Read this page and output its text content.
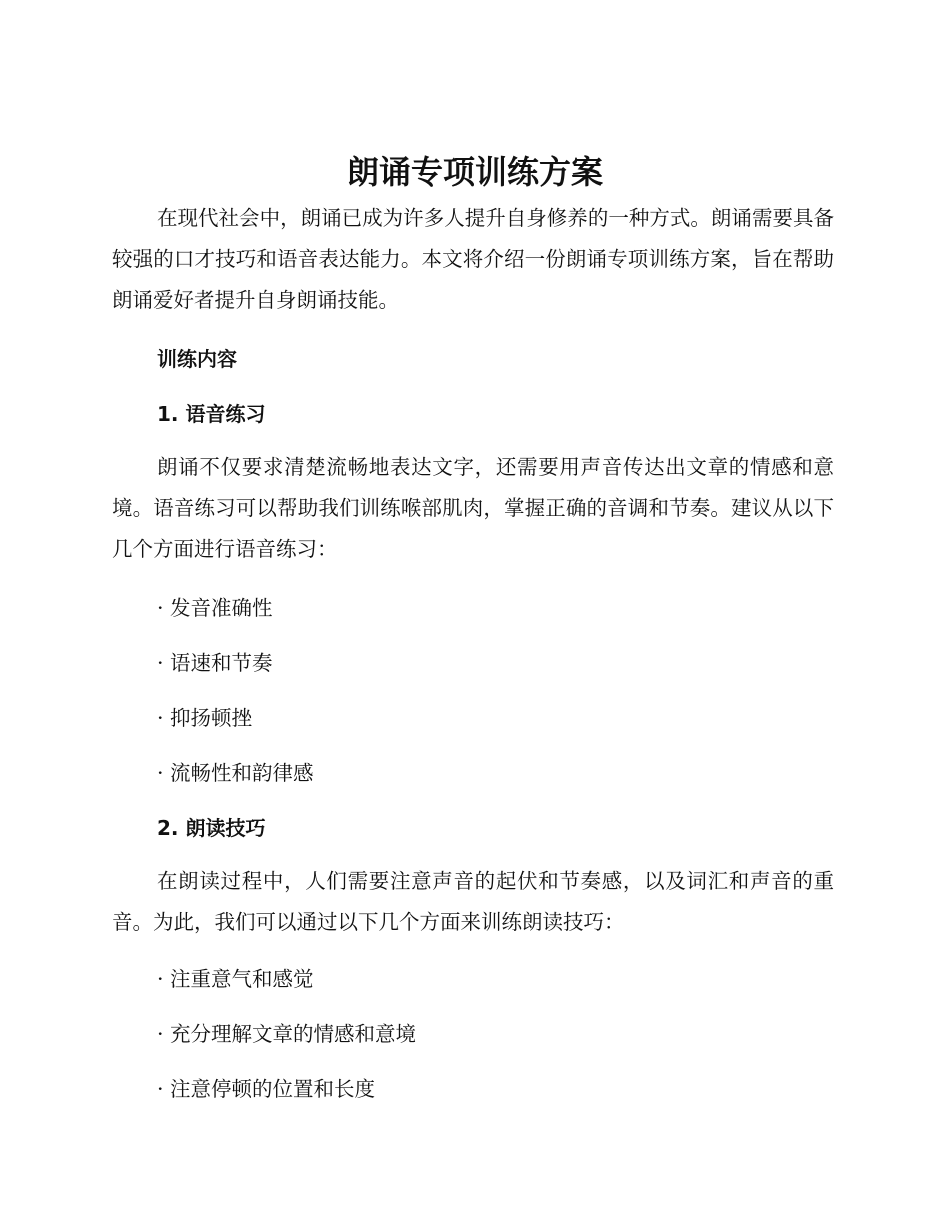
朗诵专项训练方案

在现代社会中，朗诵已成为许多人提升自身修养的一种方式。朗诵需要具备较强的口才技巧和语音表达能力。本文将介绍一份朗诵专项训练方案，旨在帮助朗诵爱好者提升自身朗诵技能。

训练内容
1. 语音练习

朗诵不仅要求清楚流畅地表达文字，还需要用声音传达出文章的情感和意境。语音练习可以帮助我们训练喉部肌肉，掌握正确的音调和节奏。建议从以下几个方面进行语音练习：

· 发音准确性

· 语速和节奏

· 抑扬顿挫

· 流畅性和韵律感

2. 朗读技巧

在朗读过程中，人们需要注意声音的起伏和节奏感，以及词汇和声音的重音。为此，我们可以通过以下几个方面来训练朗读技巧：

· 注重意气和感觉

· 充分理解文章的情感和意境

· 注意停顿的位置和长度
